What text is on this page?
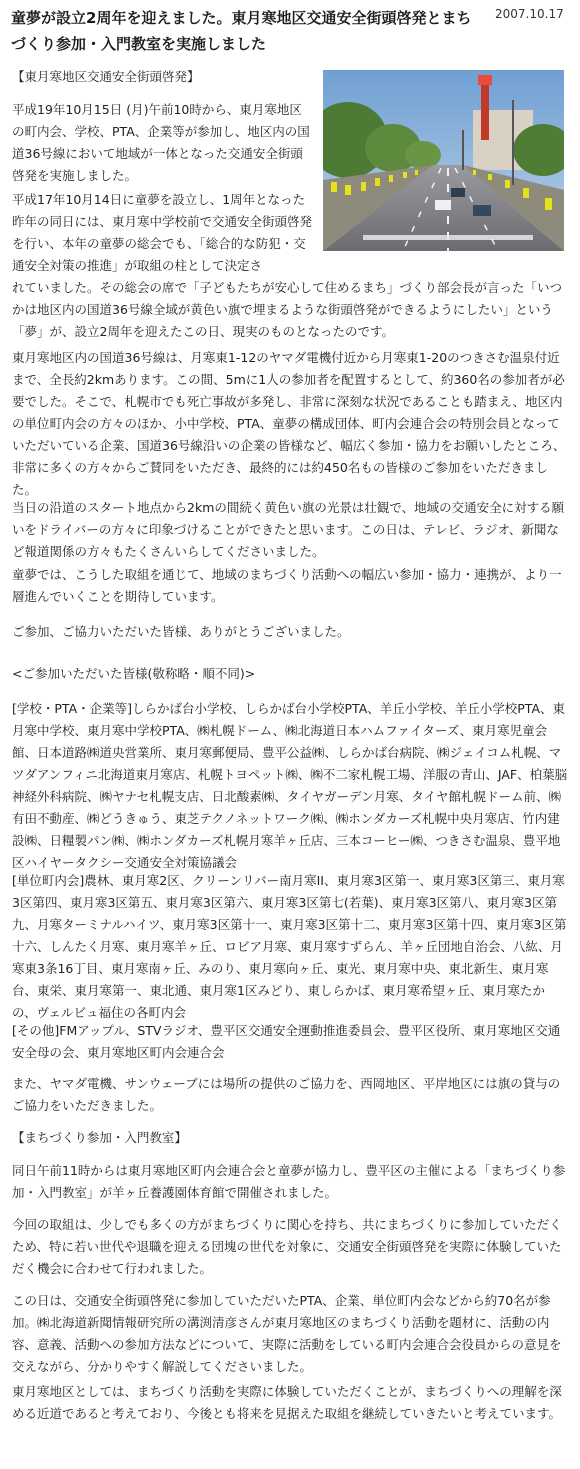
童夢が設立2周年を迎えました。東月寒地区交通安全街頭啓発とまちづくり参加・入門教室を実施しました
2007.10.17

【東月寒地区交通安全街頭啓発】

平成19年10月15日 (月)午前10時から、東月寒地区の町内会、学校、PTA、企業等が参加し、地区内の国道36号線において地域が一体となった交通安全街頭啓発を実施しました。

平成17年10月14日に童夢を設立し、1周年となった昨年の同日には、東月寒中学校前で交通安全街頭啓発を行い、本年の童夢の総会でも、「総合的な防犯・交通安全対策の推進」が取組の柱として決定さ

れていました。その総会の席で「子どもたちが安心して住めるまち」づくり部会長が言った「いつかは地区内の国道36号線全域が黄色い旗で埋まるような街頭啓発ができるようにしたい」という「夢」が、設立2周年を迎えたこの日、現実のものとなったのです。

東月寒地区内の国道36号線は、月寒東1-12のヤマダ電機付近から月寒東1-20のつきさむ温泉付近まで、全長約2kmあります。この間、5mに1人の参加者を配置するとして、約360名の参加者が必要でした。そこで、札幌市でも死亡事故が多発し、非常に深刻な状況であることも踏まえ、地区内の単位町内会の方々のほか、小中学校、PTA、童夢の構成団体、町内会連合会の特別会員となっていただいている企業、国道36号線沿いの企業の皆様など、幅広く参加・協力をお願いしたところ、非常に多くの方々からご賛同をいただき、最終的には約450名もの皆様のご参加をいただきました。

当日の沿道のスタート地点から2kmの間続く黄色い旗の光景は壮観で、地域の交通安全に対する願いをドライバーの方々に印象づけることができたと思います。この日は、テレビ、ラジオ、新聞など報道関係の方々もたくさんいらしてくださいました。

童夢では、こうした取組を通じて、地域のまちづくり活動への幅広い参加・協力・連携が、より一層進んでいくことを期待しています。

ご参加、ご協力いただいた皆様、ありがとうございました。

<ご参加いただいた皆様(敬称略・順不同)>

[学校・PTA・企業等]しらかば台小学校、しらかば台小学校PTA、羊丘小学校、羊丘小学校PTA、東月寒中学校、東月寒中学校PTA、㈱札幌ドーム、㈱北海道日本ハムファイターズ、東月寒児童会館、日本道路㈱道央営業所、東月寒郵便局、豊平公益㈱、しらかば台病院、㈱ジェイコム札幌、マツダアンフィニ北海道東月寒店、札幌トヨペット㈱、㈱不二家札幌工場、洋服の青山、JAF、柏葉脳神経外科病院、㈱ヤナセ札幌支店、日北酸素㈱、タイヤガーデン月寒、タイヤ館札幌ドーム前、㈱有田不動産、㈱どうきゅう、東芝テクノネットワーク㈱、㈱ホンダカーズ札幌中央月寒店、竹内建設㈱、日糧製パン㈱、㈱ホンダカーズ札幌月寒羊ヶ丘店、三本コーヒー㈱、つきさむ温泉、豊平地区ハイヤータクシー交通安全対策協議会

[単位町内会]農林、東月寒2区、クリーンリバー南月寒II、東月寒3区第一、東月寒3区第三、東月寒3区第四、東月寒3区第五、東月寒3区第六、東月寒3区第七(若葉)、東月寒3区第八、東月寒3区第九、月寒ターミナルハイツ、東月寒3区第十一、東月寒3区第十二、東月寒3区第十四、東月寒3区第十六、しんたく月寒、東月寒羊ヶ丘、ロビア月寒、東月寒すずらん、羊ヶ丘団地自治会、八紘、月寒東3条16丁目、東月寒南ヶ丘、みのり、東月寒向ヶ丘、東光、東月寒中央、東北新生、東月寒台、東栄、東月寒第一、東北通、東月寒1区みどり、東しらかば、東月寒希望ヶ丘、東月寒たかの、ヴェルビュ福住の各町内会

[その他]FMアップル、STVラジオ、豊平区交通安全運動推進委員会、豊平区役所、東月寒地区交通安全母の会、東月寒地区町内会連合会

また、ヤマダ電機、サンウェーブには場所の提供のご協力を、西岡地区、平岸地区には旗の貸与のご協力をいただきました。

【まちづくり参加・入門教室】

同日午前11時からは東月寒地区町内会連合会と童夢が協力し、豊平区の主催による「まちづくり参加・入門教室」が羊ヶ丘養護園体育館で開催されました。

今回の取組は、少しでも多くの方がまちづくりに関心を持ち、共にまちづくりに参加していただくため、特に若い世代や退職を迎える団塊の世代を対象に、交通安全街頭啓発を実際に体験していただく機会に合わせて行われました。

この日は、交通安全街頭啓発に参加していただいたPTA、企業、単位町内会などから約70名が参加。㈱北海道新聞情報研究所の溝渕清彦さんが東月寒地区のまちづくり活動を題材に、活動の内容、意義、活動への参加方法などについて、実際に活動をしている町内会連合会役員からの意見を交えながら、分かりやすく解説してくださいました。

東月寒地区としては、まちづくり活動を実際に体験していただくことが、まちづくりへの理解を深める近道であると考えており、今後とも将来を見据えた取組を継続していきたいと考えています。
